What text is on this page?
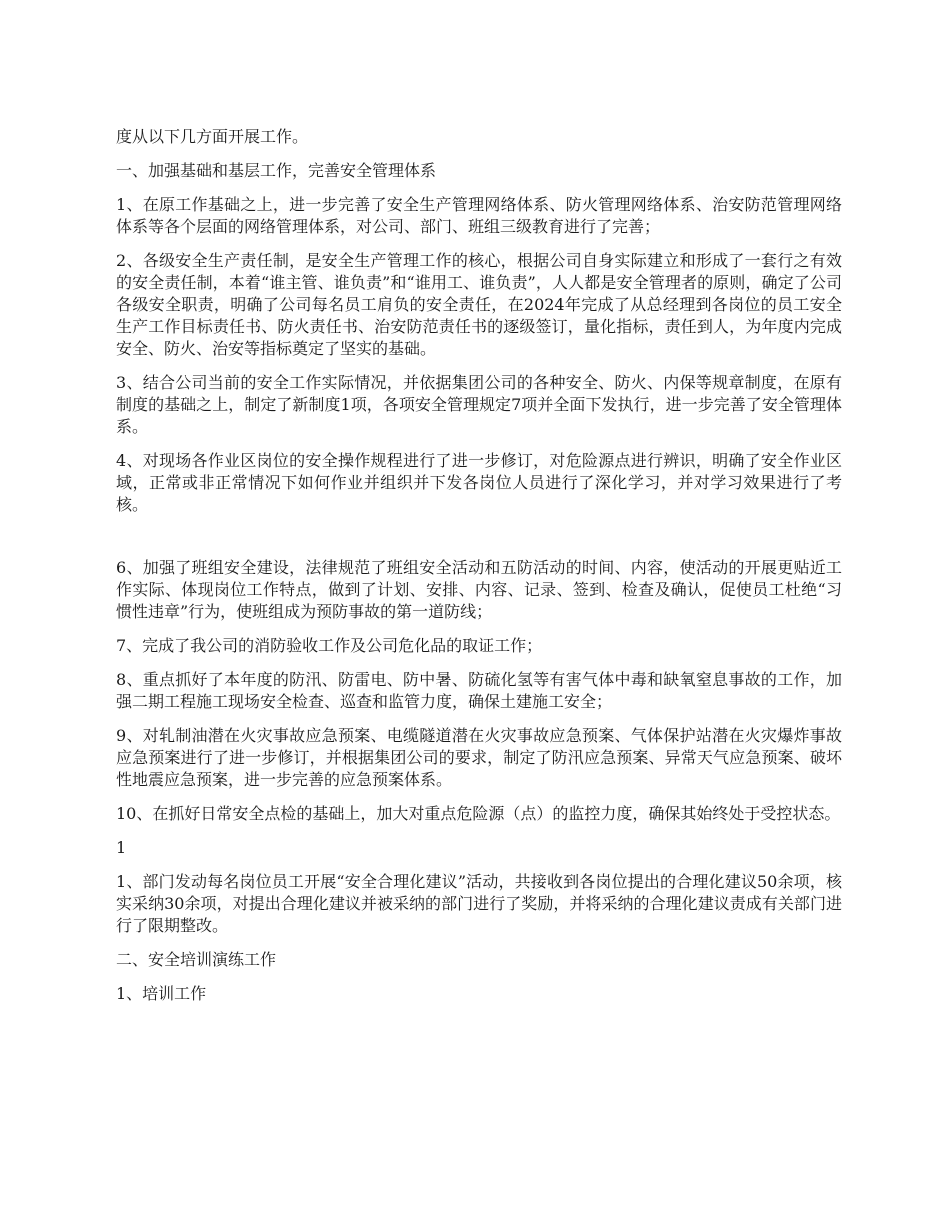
度从以下几方面开展工作。

一、加强基础和基层工作，完善安全管理体系

1、在原工作基础之上，进一步完善了安全生产管理网络体系、防火管理网络体系、治安防范管理网络体系等各个层面的网络管理体系，对公司、部门、班组三级教育进行了完善；

2、各级安全生产责任制，是安全生产管理工作的核心，根据公司自身实际建立和形成了一套行之有效的安全责任制，本着“谁主管、谁负责”和“谁用工、谁负责”，人人都是安全管理者的原则，确定了公司各级安全职责，明确了公司每名员工肩负的安全责任，在2024年完成了从总经理到各岗位的员工安全生产工作目标责任书、防火责任书、治安防范责任书的逐级签订，量化指标，责任到人，为年度内完成安全、防火、治安等指标奠定了坚实的基础。

3、结合公司当前的安全工作实际情况，并依据集团公司的各种安全、防火、内保等规章制度，在原有制度的基础之上，制定了新制度1项，各项安全管理规定7项并全面下发执行，进一步完善了安全管理体系。

4、对现场各作业区岗位的安全操作规程进行了进一步修订，对危险源点进行辨识，明确了安全作业区域，正常或非正常情况下如何作业并组织并下发各岗位人员进行了深化学习，并对学习效果进行了考核。

6、加强了班组安全建设，法律规范了班组安全活动和五防活动的时间、内容，使活动的开展更贴近工作实际、体现岗位工作特点，做到了计划、安排、内容、记录、签到、检查及确认，促使员工杜绝“习惯性违章”行为，使班组成为预防事故的第一道防线；

7、完成了我公司的消防验收工作及公司危化品的取证工作；

8、重点抓好了本年度的防汛、防雷电、防中暑、防硫化氢等有害气体中毒和缺氧窒息事故的工作，加强二期工程施工现场安全检查、巡查和监管力度，确保土建施工安全；

9、对轧制油潜在火灾事故应急预案、电缆隧道潜在火灾事故应急预案、气体保护站潜在火灾爆炸事故应急预案进行了进一步修订，并根据集团公司的要求，制定了防汛应急预案、异常天气应急预案、破坏性地震应急预案，进一步完善的应急预案体系。

10、在抓好日常安全点检的基础上，加大对重点危险源（点）的监控力度，确保其始终处于受控状态。

1

1、部门发动每名岗位员工开展“安全合理化建议”活动，共接收到各岗位提出的合理化建议50余项，核实采纳30余项，对提出合理化建议并被采纳的部门进行了奖励，并将采纳的合理化建议责成有关部门进行了限期整改。

二、安全培训演练工作

1、培训工作
